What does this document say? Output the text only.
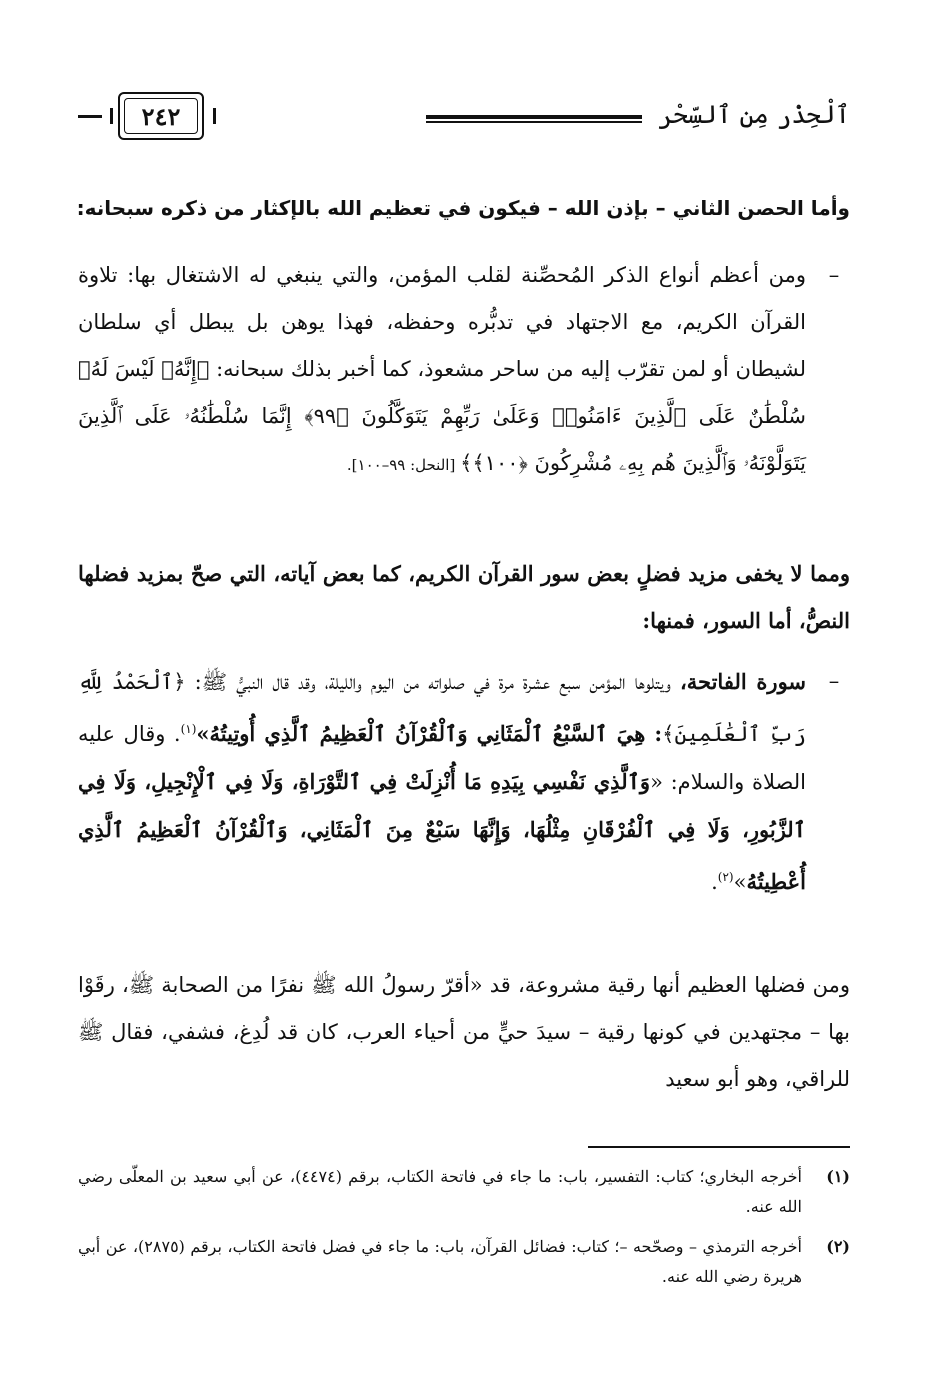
ٱلْحِذْر مِن ٱلسِّحْر
٢٤٢
وأما الحصن الثاني – بإذن الله – فيكون في تعظيم الله بالإكثار من ذكره سبحانه:
–
ومن أعظم أنواع الذكر المُحصِّنة لقلب المؤمن، والتي ينبغي له الاشتغال بها: تلاوة القرآن الكريم، مع الاجتهاد في تدبُّره وحفظه، فهذا يوهن بل يبطل أي سلطان لشيطان أو لمن تقرّب إليه من ساحر مشعوذ، كما أخبر بذلك سبحانه: ﴿إِنَّهُۥ لَيْسَ لَهُۥ سُلْطَٰنٌ عَلَى ٱلَّذِينَ ءَامَنُوا۟ وَعَلَىٰ رَبِّهِمْ يَتَوَكَّلُونَ ﴿٩٩﴾ إِنَّمَا سُلْطَٰنُهُۥ عَلَى ٱلَّذِينَ يَتَوَلَّوْنَهُۥ وَٱلَّذِينَ هُم بِهِۦ مُشْرِكُونَ ﴿١٠٠﴾﴾ [النحل: ٩٩–١٠٠].
ومما لا يخفى مزيد فضلٍ بعض سور القرآن الكريم، كما بعض آياته، التي صحّ بمزيد فضلها النصُّ، أما السور، فمنها:
–
سورة الفاتحة، ويتلوها المؤمن سبع عشرة مرة في صلواته من اليوم والليلة، وقد قال النبيُّ ﷺ: ﴿ٱلْحَمْدُ لِلَّهِ رَبِّ ٱلْعَٰلَمِينَ﴾: هِيَ ٱلسَّبْعُ ٱلْمَثَانِي وَٱلْقُرْآنُ ٱلْعَظِيمُ ٱلَّذِي أُوتِيتُهُ»$^{(١)}$. وقال عليه الصلاة والسلام: «وَٱلَّذِي نَفْسِي بِيَدِهِ مَا أُنْزِلَتْ فِي ٱلتَّوْرَاةِ، وَلَا فِي ٱلْإِنْجِيلِ، وَلَا فِي ٱلزَّبُورِ، وَلَا فِي ٱلْفُرْقَانِ مِثْلُهَا، وَإِنَّهَا سَبْعٌ مِنَ ٱلْمَثَانِي، وَٱلْقُرْآنُ ٱلْعَظِيمُ ٱلَّذِي أُعْطِيتُهُ»$^{(٢)}$.
ومن فضلها العظيم أنها رقية مشروعة، قد «أقرّ رسولُ الله ﷺ نفرًا من الصحابة ﷺ، رقَوْا بها – مجتهدين في كونها رقية – سيدَ حيٍّ من أحياء العرب، كان قد لُدِغ، فشفي، فقال ﷺ للراقي، وهو أبو سعيد
(١)
أخرجه البخاري؛ كتاب: التفسير، باب: ما جاء في فاتحة الكتاب، برقم (٤٤٧٤)، عن أبي سعيد بن المعلّى رضي الله عنه.
(٢)
أخرجه الترمذي – وصحّحه –؛ كتاب: فضائل القرآن، باب: ما جاء في فضل فاتحة الكتاب، برقم (٢٨٧٥)، عن أبي هريرة رضي الله عنه.
